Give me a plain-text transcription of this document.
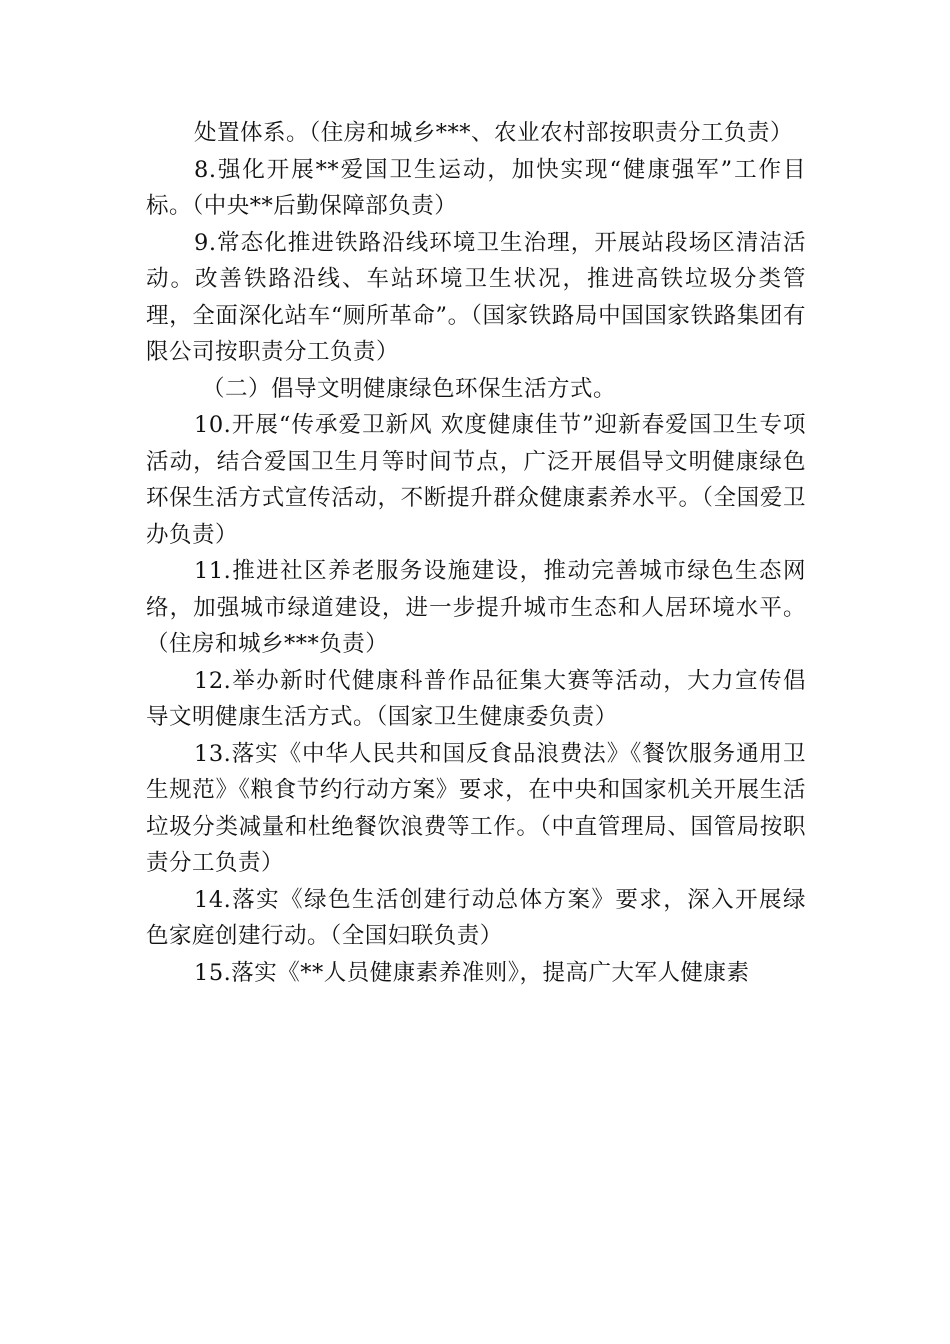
处置体系。（住房和城乡***、农业农村部按职责分工负责）

8.强化开展**爱国卫生运动，加快实现“健康强军”工作目标。（中央**后勤保障部负责）

9.常态化推进铁路沿线环境卫生治理，开展站段场区清洁活动。改善铁路沿线、车站环境卫生状况，推进高铁垃圾分类管理，全面深化站车“厕所革命”。（国家铁路局中国国家铁路集团有限公司按职责分工负责）

（二）倡导文明健康绿色环保生活方式。

10.开展“传承爱卫新风 欢度健康佳节”迎新春爱国卫生专项活动，结合爱国卫生月等时间节点，广泛开展倡导文明健康绿色环保生活方式宣传活动，不断提升群众健康素养水平。（全国爱卫办负责）

11.推进社区养老服务设施建设，推动完善城市绿色生态网络，加强城市绿道建设，进一步提升城市生态和人居环境水平。（住房和城乡***负责）

12.举办新时代健康科普作品征集大赛等活动，大力宣传倡导文明健康生活方式。（国家卫生健康委负责）

13.落实《中华人民共和国反食品浪费法》《餐饮服务通用卫生规范》《粮食节约行动方案》要求，在中央和国家机关开展生活垃圾分类减量和杜绝餐饮浪费等工作。（中直管理局、国管局按职责分工负责）

14.落实《绿色生活创建行动总体方案》要求，深入开展绿色家庭创建行动。（全国妇联负责）

15.落实《**人员健康素养准则》，提高广大军人健康素
